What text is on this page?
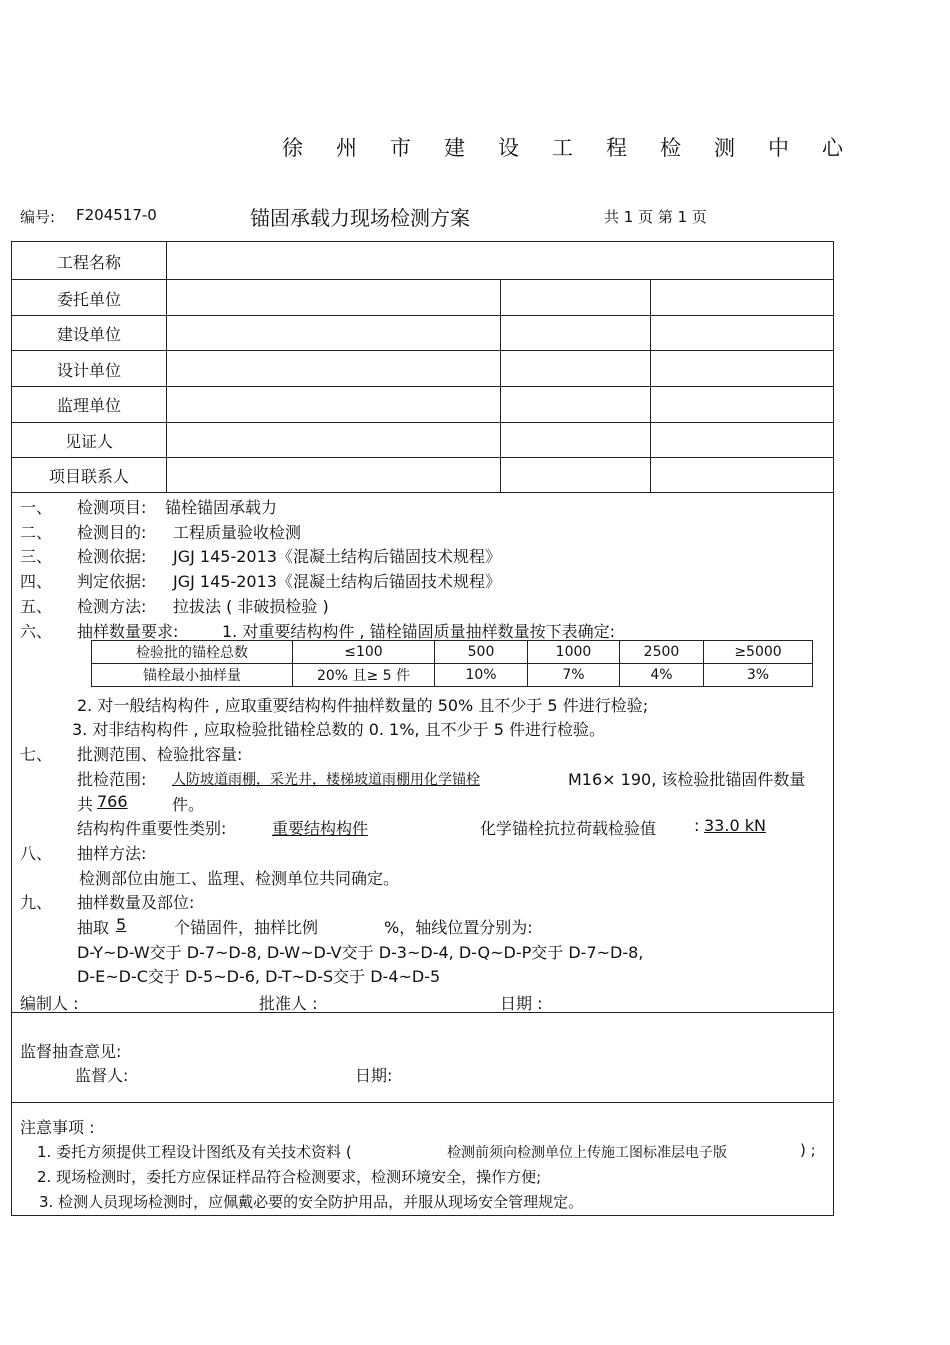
徐州市建设工程检测中心
编号: F204517-0	锚固承载力现场检测方案	共 1 页 第 1 页
工程名称
委托单位
建设单位
设计单位
监理单位
见证人
项目联系人
一、 检测项目: 锚栓锚固承载力
二、 检测目的: 工程质量验收检测
三、 检测依据: JGJ 145-2013《混凝土结构后锚固技术规程》
四、 判定依据: JGJ 145-2013《混凝土结构后锚固技术规程》
五、 检测方法: 拉拔法 ( 非破损检验 )
六、 抽样数量要求:	1. 对重要结构构件 , 锚栓锚固质量抽样数量按下表确定:
检验批的锚栓总数	≤100	500	1000	2500	≥5000
锚栓最小抽样量	20% 且≥ 5 件	10%	7%	4%	3%
2. 对一般结构构件 , 应取重要结构构件抽样数量的 50% 且不少于 5 件进行检验;
3. 对非结构构件 , 应取检验批锚栓总数的 0. 1%, 且不少于 5 件进行检验。
七、 批测范围、检验批容量:
批检范围: 人防坡道雨棚，采光井，楼梯坡道雨棚用化学锚栓	M16× 190, 该检验批锚固件数量
共 766	件。
结构构件重要性类别:	重要结构构件	化学锚栓抗拉荷载检验值 : 33.0 kN
八、 抽样方法:
检测部位由施工、监理、检测单位共同确定。
九、 抽样数量及部位:
抽取 5	个锚固件，抽样比例	%，轴线位置分别为:
D-Y~D-W交于 D-7~D-8, D-W~D-V交于 D-3~D-4, D-Q~D-P交于 D-7~D-8,
D-E~D-C交于 D-5~D-6, D-T~D-S交于 D-4~D-5
编制人 :	批准人 :	日期 :
监督抽查意见:
监督人:	日期:
注意事项 :
1. 委托方须提供工程设计图纸及有关技术资料 (	检测前须向检测单位上传施工图标准层电子版	) ;
2. 现场检测时，委托方应保证样品符合检测要求，检测环境安全，操作方便;
3. 检测人员现场检测时，应佩戴必要的安全防护用品，并服从现场安全管理规定。
